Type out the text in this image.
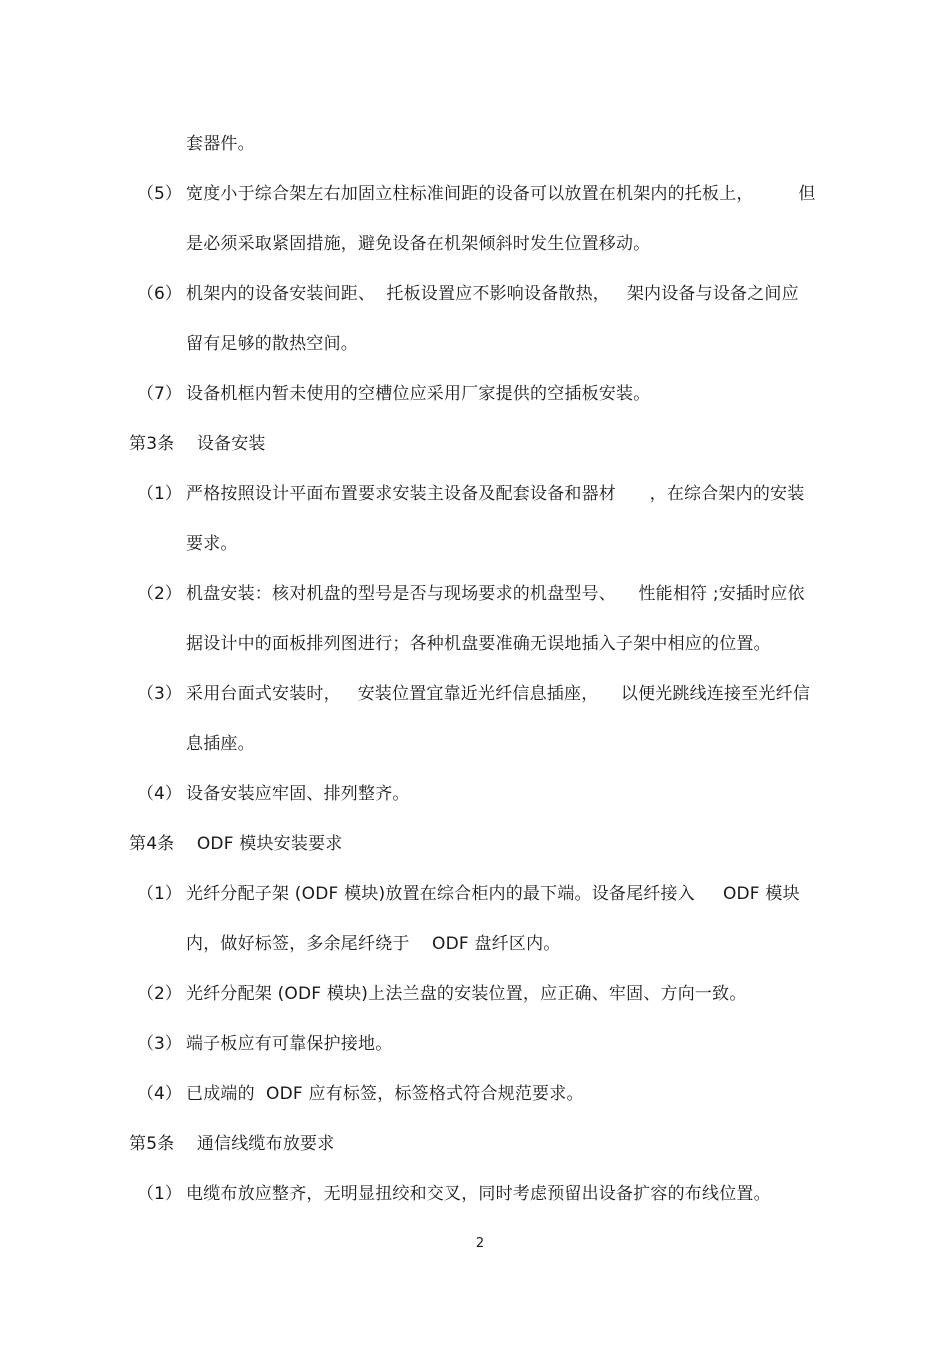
套器件。
（5） 宽度小于综合架左右加固立柱标准间距的设备可以放置在机架内的托板上，        但
是必须采取紧固措施，避免设备在机架倾斜时发生位置移动。
（6） 机架内的设备安装间距、  托板设置应不影响设备散热，   架内设备与设备之间应
留有足够的散热空间。
（7） 设备机框内暂未使用的空槽位应采用厂家提供的空插板安装。
第3条    设备安装
（1） 严格按照设计平面布置要求安装主设备及配套设备和器材      ，在综合架内的安装
要求。
（2） 机盘安装：核对机盘的型号是否与现场要求的机盘型号、    性能相符 ;安插时应依
据设计中的面板排列图进行；各种机盘要准确无误地插入子架中相应的位置。
（3） 采用台面式安装时，   安装位置宜靠近光纤信息插座，    以便光跳线连接至光纤信
息插座。
（4） 设备安装应牢固、排列整齐。
第4条    ODF 模块安装要求
（1） 光纤分配子架 (ODF 模块)放置在综合柜内的最下端。设备尾纤接入     ODF 模块
内，做好标签，多余尾纤绕于    ODF 盘纤区内。
（2） 光纤分配架 (ODF 模块)上法兰盘的安装位置，应正确、牢固、方向一致。
（3） 端子板应有可靠保护接地。
（4） 已成端的  ODF 应有标签，标签格式符合规范要求。
第5条    通信线缆布放要求
（1） 电缆布放应整齐，无明显扭绞和交叉，同时考虑预留出设备扩容的布线位置。
2
